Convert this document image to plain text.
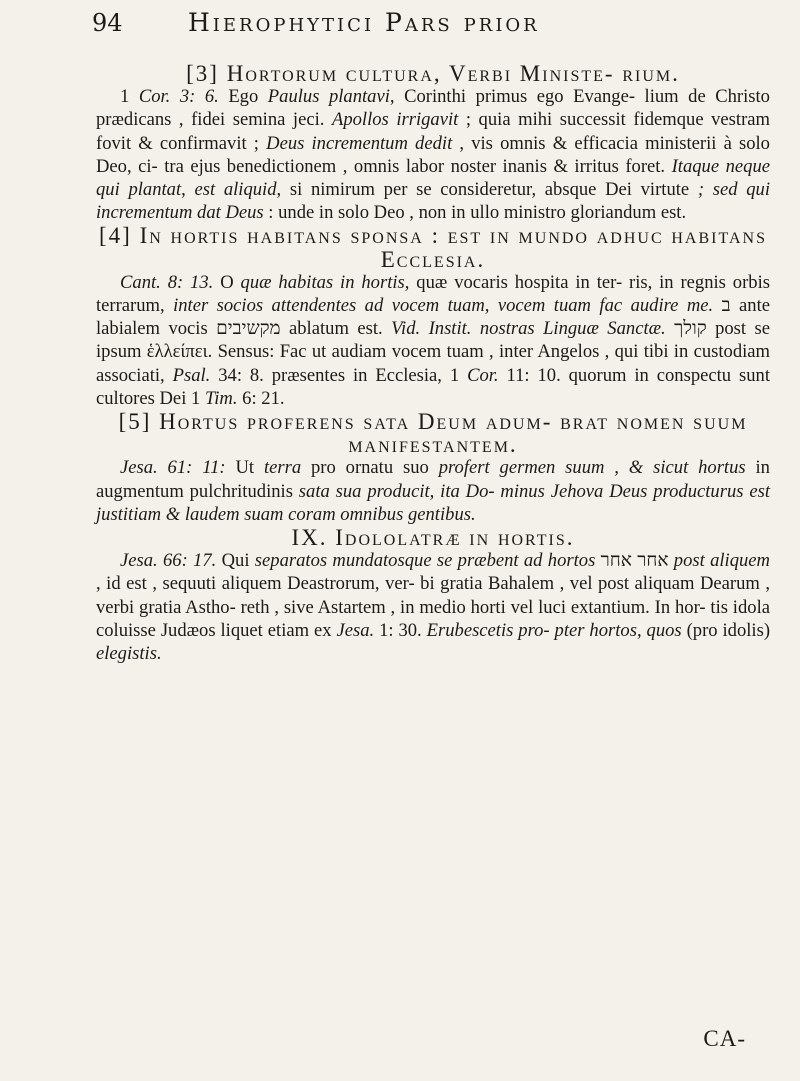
94	Hierophytici Pars prior

[3] Hortorum cultura, Verbi Ministe- rium.

1 Cor. 3: 6. Ego Paulus plantavi, Corinthi primus ego Evange- lium de Christo prædicans , fidei semina jeci. Apollos irrigavit ; quia mihi successit fidemque vestram fovit & confirmavit ; Deus incrementum dedit , vis omnis & efficacia ministerii à solo Deo, ci- tra ejus benedictionem , omnis labor noster inanis & irritus foret. Itaque neque qui plantat, est aliquid, si nimirum per se consideretur, absque Dei virtute ; sed qui incrementum dat Deus : unde in solo Deo , non in ullo ministro gloriandum est.

[4] In hortis habitans sponsa : est in mundo adhuc habitans Ecclesia.

Cant. 8: 13. O quæ habitas in hortis, quæ vocaris hospita in ter- ris, in regnis orbis terrarum, inter socios attendentes ad vocem tuam, vocem tuam fac audire me. ב ante labialem vocis מקשיבים ablatum est. Vid. Instit. nostras Linguæ Sanctæ. קולך post se ipsum ἑλλείπει. Sensus: Fac ut audiam vocem tuam , inter Angelos , qui tibi in custodiam associati, Psal. 34: 8. præsentes in Ecclesia, 1 Cor. 11: 10. quorum in conspectu sunt cultores Dei 1 Tim. 6: 21.

[5] Hortus proferens sata Deum adum- brat nomen suum manifestantem.

Jesa. 61: 11: Ut terra pro ornatu suo profert germen suum , & sicut hortus in augmentum pulchritudinis sata sua producit, ita Do- minus Jehova Deus producturus est justitiam & laudem suam coram omnibus gentibus.

IX. Idololatræ in hortis.

Jesa. 66: 17. Qui separatos mundatosque se præbent ad hortos אחר אחר post aliquem , id est , sequuti aliquem Deastrorum, ver- bi gratia Bahalem , vel post aliquam Dearum , verbi gratia Astho- reth , sive Astartem , in medio horti vel luci extantium. In hor- tis idola coluisse Judæos liquet etiam ex Jesa. 1: 30. Erubescetis pro- pter hortos, quos (pro idolis) elegistis.

CA-
